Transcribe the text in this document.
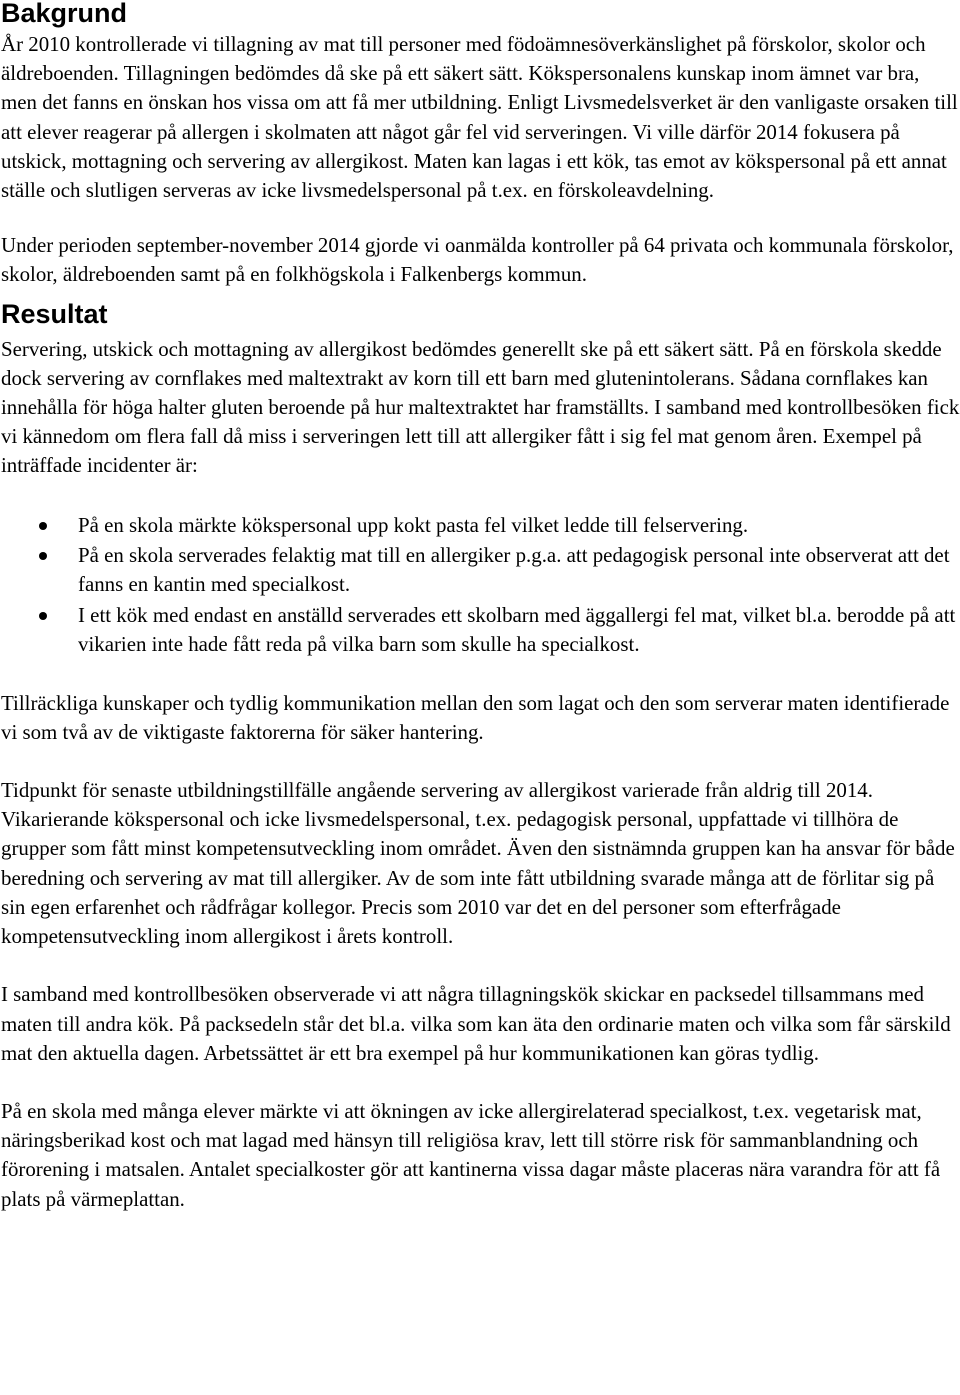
Bakgrund

År 2010 kontrollerade vi tillagning av mat till personer med födoämnesöverkänslighet på förskolor, skolor och äldreboenden. Tillagningen bedömdes då ske på ett säkert sätt. Kökspersonalens kunskap inom ämnet var bra, men det fanns en önskan hos vissa om att få mer utbildning. Enligt Livsmedelsverket är den vanligaste orsaken till att elever reagerar på allergen i skolmaten att något går fel vid serveringen. Vi ville därför 2014 fokusera på utskick, mottagning och servering av allergikost. Maten kan lagas i ett kök, tas emot av kökspersonal på ett annat ställe och slutligen serveras av icke livsmedelspersonal på t.ex. en förskoleavdelning.

Under perioden september-november 2014 gjorde vi oanmälda kontroller på 64 privata och kommunala förskolor, skolor, äldreboenden samt på en folkhögskola i Falkenbergs kommun.

Resultat

Servering, utskick och mottagning av allergikost bedömdes generellt ske på ett säkert sätt. På en förskola skedde dock servering av cornflakes med maltextrakt av korn till ett barn med glutenintolerans. Sådana cornflakes kan innehålla för höga halter gluten beroende på hur maltextraktet har framställts. I samband med kontrollbesöken fick vi kännedom om flera fall då miss i serveringen lett till att allergiker fått i sig fel mat genom åren. Exempel på inträffade incidenter är:

På en skola märkte kökspersonal upp kokt pasta fel vilket ledde till felservering.
På en skola serverades felaktig mat till en allergiker p.g.a. att pedagogisk personal inte observerat att det fanns en kantin med specialkost.
I ett kök med endast en anställd serverades ett skolbarn med äggallergi fel mat, vilket bl.a. berodde på att vikarien inte hade fått reda på vilka barn som skulle ha specialkost.

Tillräckliga kunskaper och tydlig kommunikation mellan den som lagat och den som serverar maten identifierade vi som två av de viktigaste faktorerna för säker hantering.

Tidpunkt för senaste utbildningstillfälle angående servering av allergikost varierade från aldrig till 2014. Vikarierande kökspersonal och icke livsmedelspersonal, t.ex. pedagogisk personal, uppfattade vi tillhöra de grupper som fått minst kompetensutveckling inom området. Även den sistnämnda gruppen kan ha ansvar för både beredning och servering av mat till allergiker. Av de som inte fått utbildning svarade många att de förlitar sig på sin egen erfarenhet och rådfrågar kollegor. Precis som 2010 var det en del personer som efterfrågade kompetensutveckling inom allergikost i årets kontroll.

I samband med kontrollbesöken observerade vi att några tillagningskök skickar en packsedel tillsammans med maten till andra kök. På packsedeln står det bl.a. vilka som kan äta den ordinarie maten och vilka som får särskild mat den aktuella dagen. Arbetssättet är ett bra exempel på hur kommunikationen kan göras tydlig.

På en skola med många elever märkte vi att ökningen av icke allergirelaterad specialkost, t.ex. vegetarisk mat, näringsberikad kost och mat lagad med hänsyn till religiösa krav, lett till större risk för sammanblandning och förorening i matsalen. Antalet specialkoster gör att kantinerna vissa dagar måste placeras nära varandra för att få plats på värmeplattan.
